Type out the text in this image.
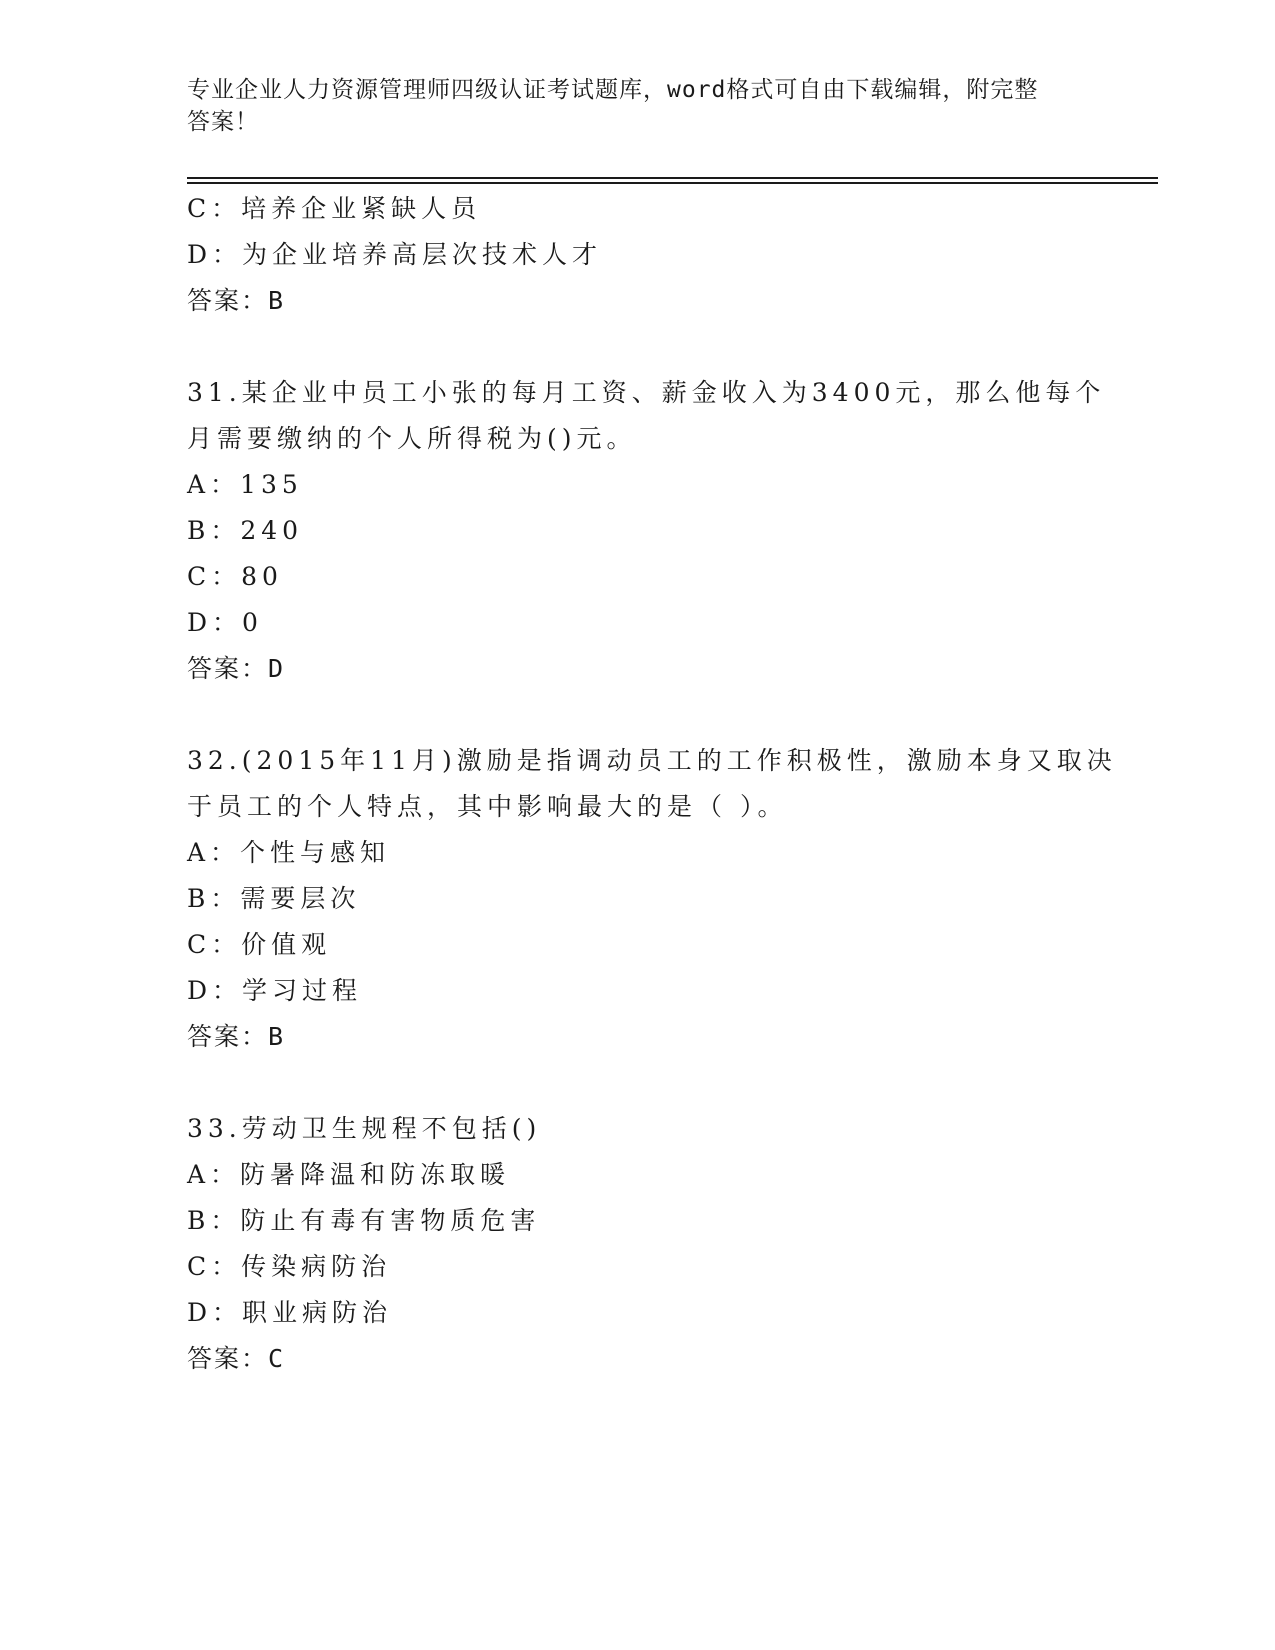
专业企业人力资源管理师四级认证考试题库，word格式可自由下载编辑，附完整
答案！
C：培养企业紧缺人员
D：为企业培养高层次技术人才
答案：B
31.某企业中员工小张的每月工资、薪金收入为3400元，那么他每个
月需要缴纳的个人所得税为()元。
A：135
B：240
C：80
D：0
答案：D
32.(2015年11月)激励是指调动员工的工作积极性，激励本身又取决
于员工的个人特点，其中影响最大的是（ ）。
A：个性与感知
B：需要层次
C：价值观
D：学习过程
答案：B
33.劳动卫生规程不包括()
A：防暑降温和防冻取暖
B：防止有毒有害物质危害
C：传染病防治
D：职业病防治
答案：C
